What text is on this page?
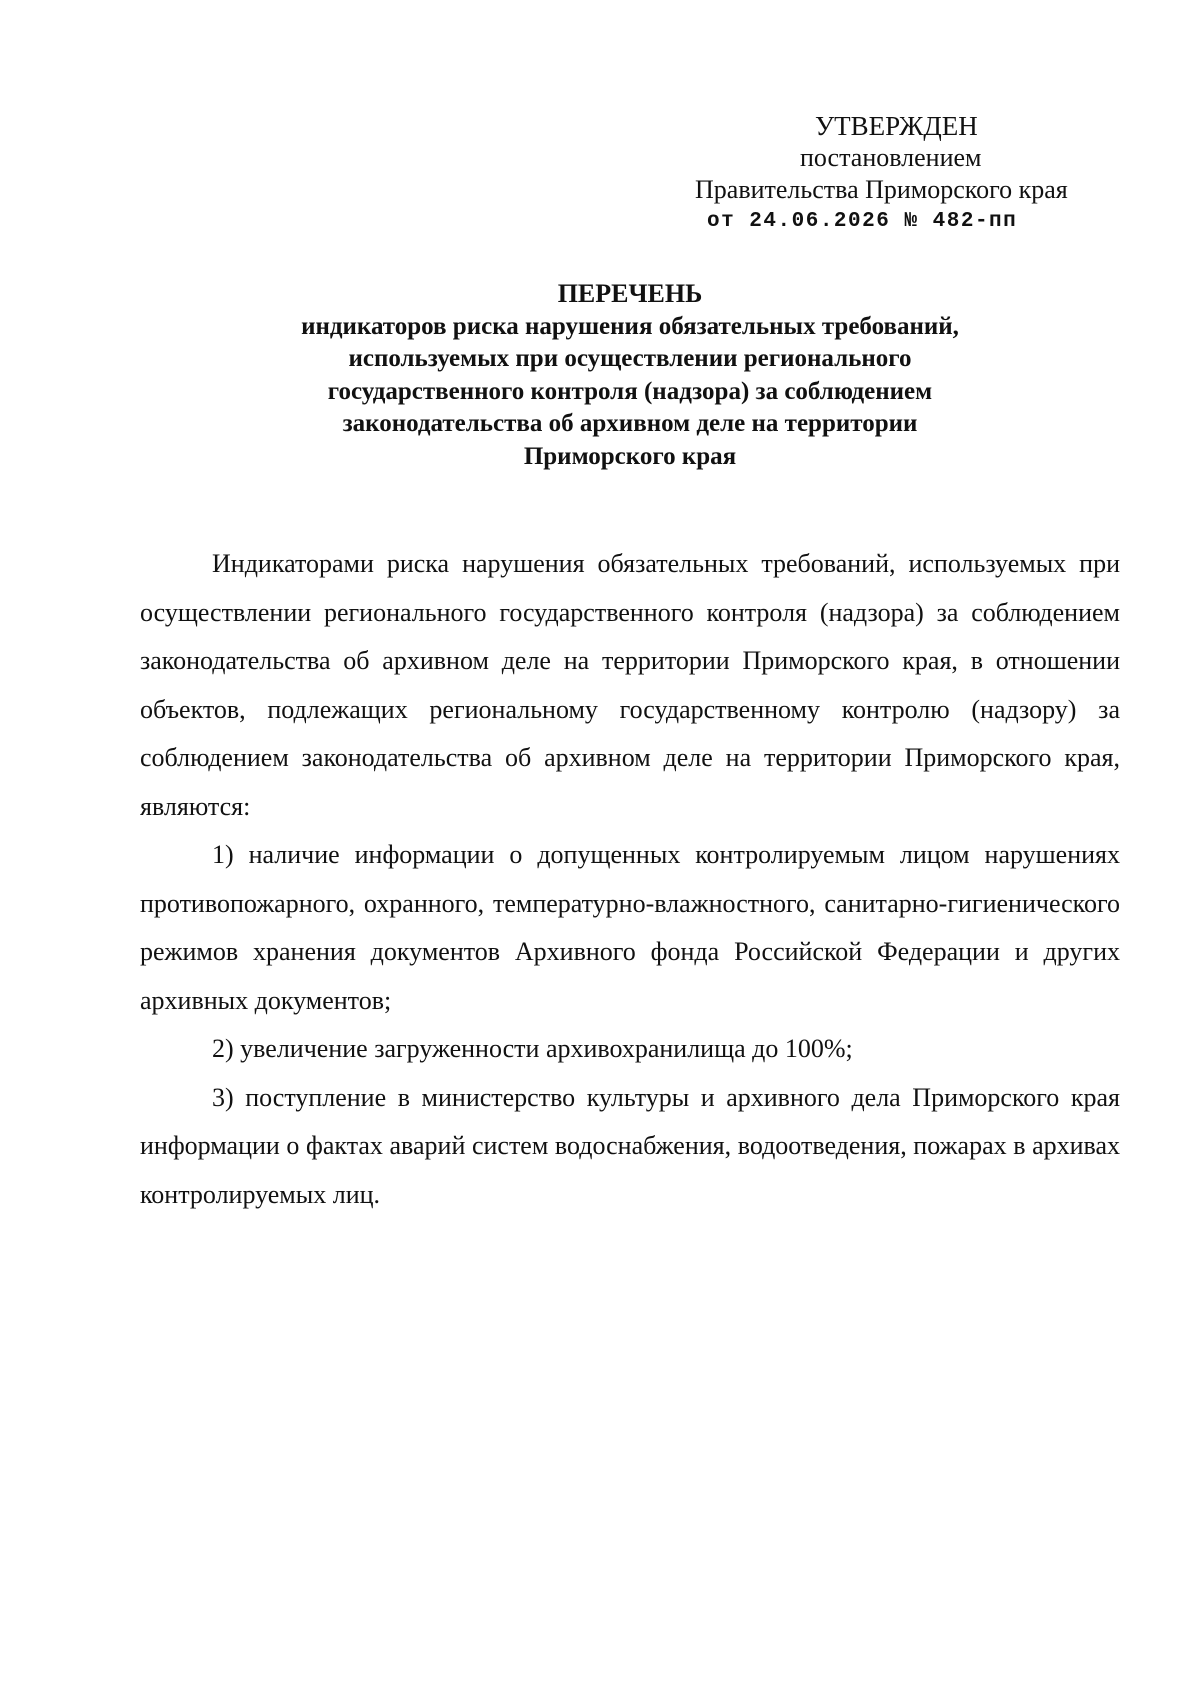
УТВЕРЖДЕН
постановлением
Правительства Приморского края
от 24.06.2026 № 482-пп
ПЕРЕЧЕНЬ
индикаторов риска нарушения обязательных требований,
используемых при осуществлении регионального
государственного контроля (надзора) за соблюдением
законодательства об архивном деле на территории
Приморского края

Индикаторами риска нарушения обязательных требований, используемых при осуществлении регионального государственного контроля (надзора) за соблюдением законодательства об архивном деле на территории Приморского края, в отношении объектов, подлежащих региональному государственному контролю (надзору) за соблюдением законодательства об архивном деле на территории Приморского края, являются:

1) наличие информации о допущенных контролируемым лицом нарушениях противопожарного, охранного, температурно-влажностного, санитарно-гигиенического режимов хранения документов Архивного фонда Российской Федерации и других архивных документов;

2) увеличение загруженности архивохранилища до 100%;

3) поступление в министерство культуры и архивного дела Приморского края информации о фактах аварий систем водоснабжения, водоотведения, пожарах в архивах контролируемых лиц.
